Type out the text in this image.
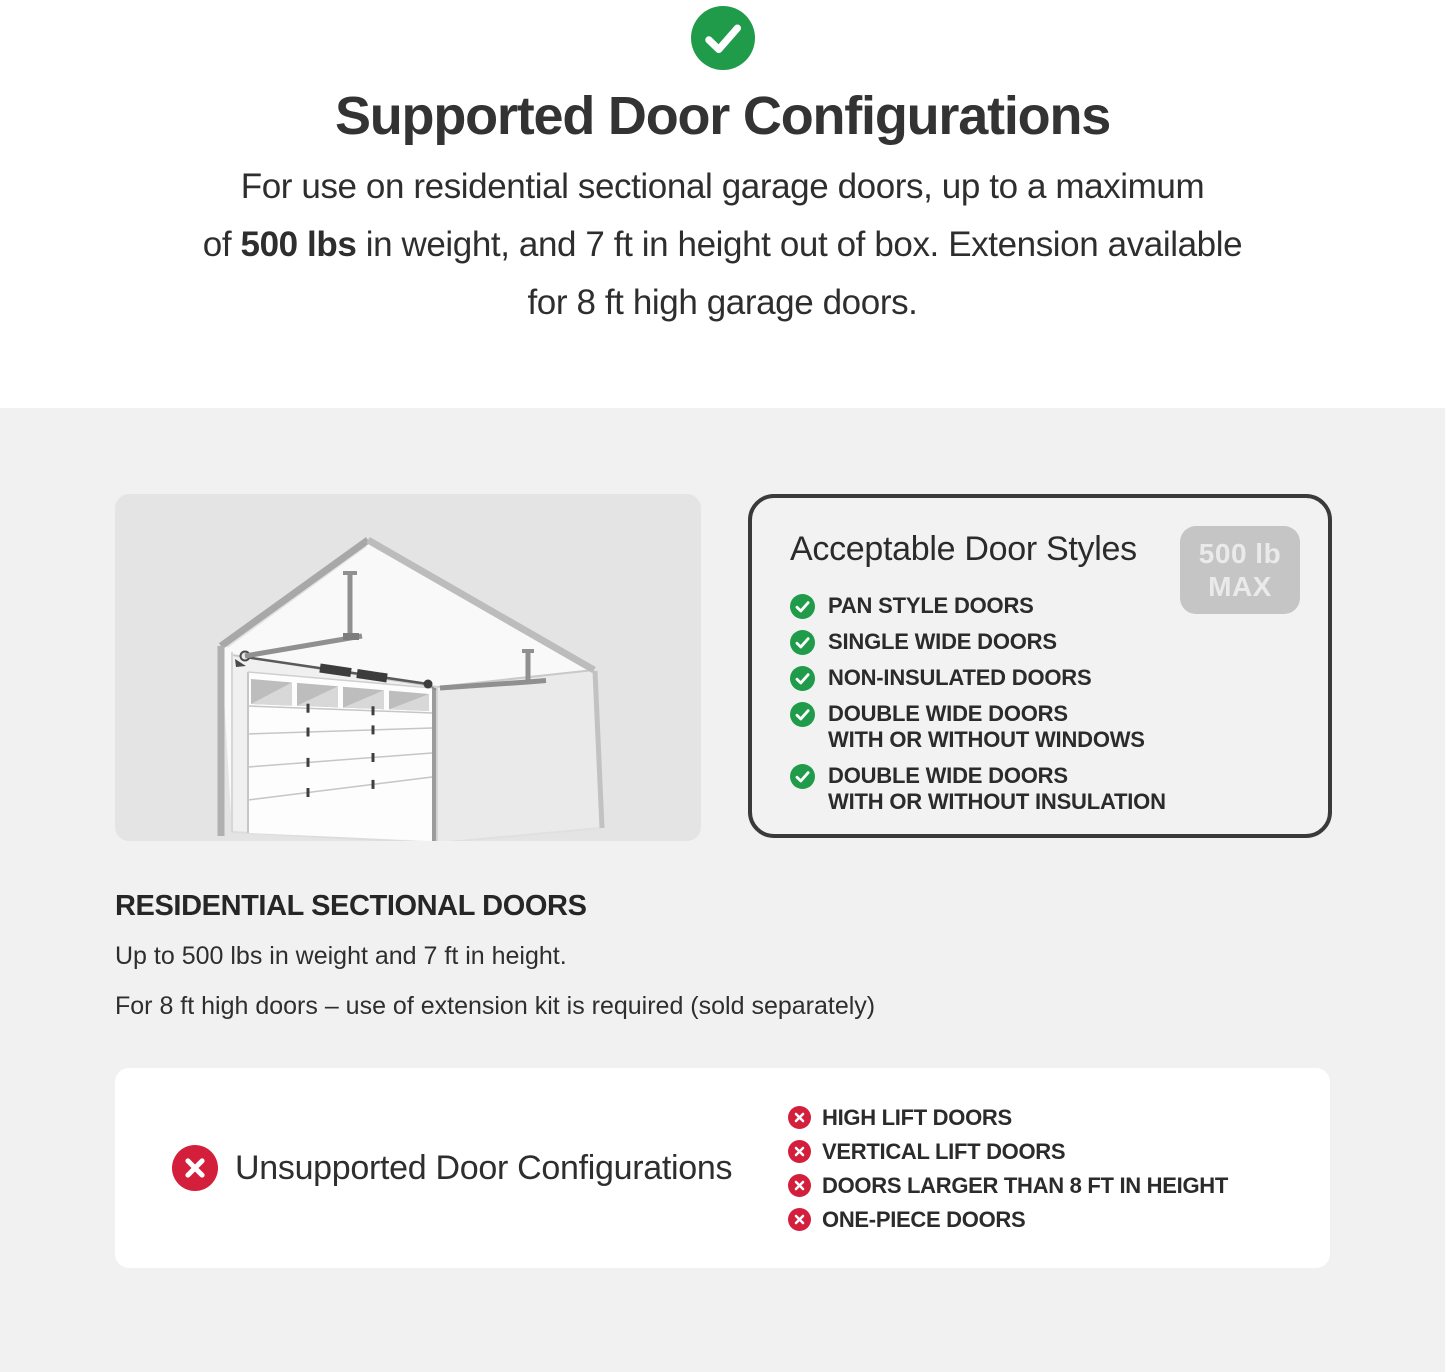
Supported Door Configurations

For use on residential sectional garage doors, up to a maximum
of 500 lbs in weight, and 7 ft in height out of box. Extension available
for 8 ft high garage doors.

Acceptable Door Styles	500 lb
MAX
PAN STYLE DOORS
SINGLE WIDE DOORS
NON-INSULATED DOORS
DOUBLE WIDE DOORS
WITH OR WITHOUT WINDOWS
DOUBLE WIDE DOORS
WITH OR WITHOUT INSULATION
RESIDENTIAL SECTIONAL DOORS

Up to 500 lbs in weight and 7 ft in height.

For 8 ft high doors – use of extension kit is required (sold separately)

Unsupported Door Configurations
HIGH LIFT DOORS
VERTICAL LIFT DOORS
DOORS LARGER THAN 8 FT IN HEIGHT
ONE-PIECE DOORS
